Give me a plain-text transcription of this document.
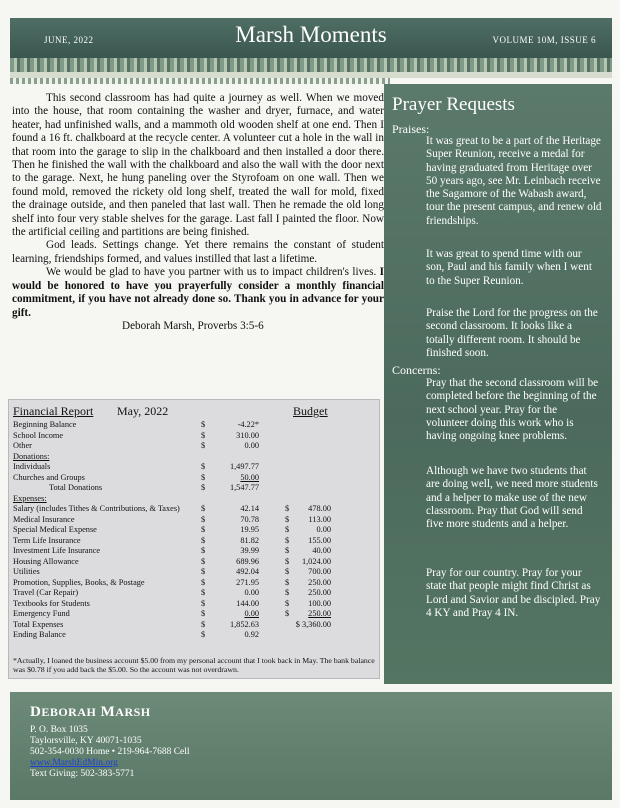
JUNE, 2022	Marsh Moments	VOLUME 10M, ISSUE 6

This second classroom has had quite a journey as well. When we moved into the house, that room containing the washer and dryer, furnace, and water heater, had unfinished walls, and a mammoth old wooden shelf at one end. Then I found a 16 ft. chalkboard at the recycle center. A volunteer cut a hole in the wall in that room into the garage to slip in the chalkboard and then installed a door there. Then he finished the wall with the chalkboard and also the wall with the door next to the garage. Next, he hung paneling over the Styrofoam on one wall. Then we found mold, removed the rickety old long shelf, treated the wall for mold, fixed the drainage outside, and then paneled that last wall. Then he remade the old long shelf into four very stable shelves for the garage. Last fall I painted the floor. Now the artificial ceiling and partitions are being finished.

God leads. Settings change. Yet there remains the constant of student learning, friendships formed, and values instilled that last a lifetime.

We would be glad to have you partner with us to impact children's lives. I would be honored to have you prayerfully consider a monthly financial commitment, if you have not already done so. Thank you in advance for your gift.

Deborah Marsh, Proverbs 3:5-6

Financial Report May, 2022	Budget
Beginning Balance	$	-4.22*
School Income	$	310.00
Other	$	0.00
Donations:
Individuals	$	1,497.77
Churches and Groups	$	50.00
Total Donations	$	1,547.77
Expenses:
Salary (includes Tithes & Contributions, & Taxes)	$	42.14	$	478.00
Medical Insurance	$	70.78	$	113.00
Special Medical Expense	$	19.95	$	0.00
Term Life Insurance	$	81.82	$	155.00
Investment Life Insurance	$	39.99	$	40.00
Housing Allowance	$	689.96	$	1,024.00
Utilities	$	492.04	$	700.00
Promotion, Supplies, Books, & Postage	$	271.95	$	250.00
Travel (Car Repair)	$	0.00	$	250.00
Textbooks for Students	$	144.00	$	100.00
Emergency Fund	$	0.00	$	250.00
Total Expenses	$	1,852.63	$ 3,360.00
Ending Balance	$	0.92
*Actually, I loaned the business account $5.00 from my personal account that I took back in May. The bank balance was $0.78 if you add back the $5.00. So the account was not overdrawn.
Prayer Requests
Praises:
It was great to be a part of the Heritage Super Reunion, receive a medal for having graduated from Heritage over 50 years ago, see Mr. Leinbach receive the Sagamore of the Wabash award, tour the present campus, and renew old friendships.
It was great to spend time with our son, Paul and his family when I went to the Super Reunion.
Praise the Lord for the progress on the second classroom. It looks like a totally different room. It should be finished soon.
Concerns:
Pray that the second classroom will be completed before the beginning of the next school year. Pray for the volunteer doing this work who is having ongoing knee problems.
Although we have two students that are doing well, we need more students and a helper to make use of the new classroom. Pray that God will send five more students and a helper.
Pray for our country. Pray for your state that people might find Christ as Lord and Savior and be discipled. Pray 4 KY and Pray 4 IN.
DEBORAH MARSH
P. O. Box 1035
Taylorsville, KY 40071-1035
502-354-0030 Home • 219-964-7688 Cell
www.MarshEdMin.org
Text Giving: 502-383-5771
